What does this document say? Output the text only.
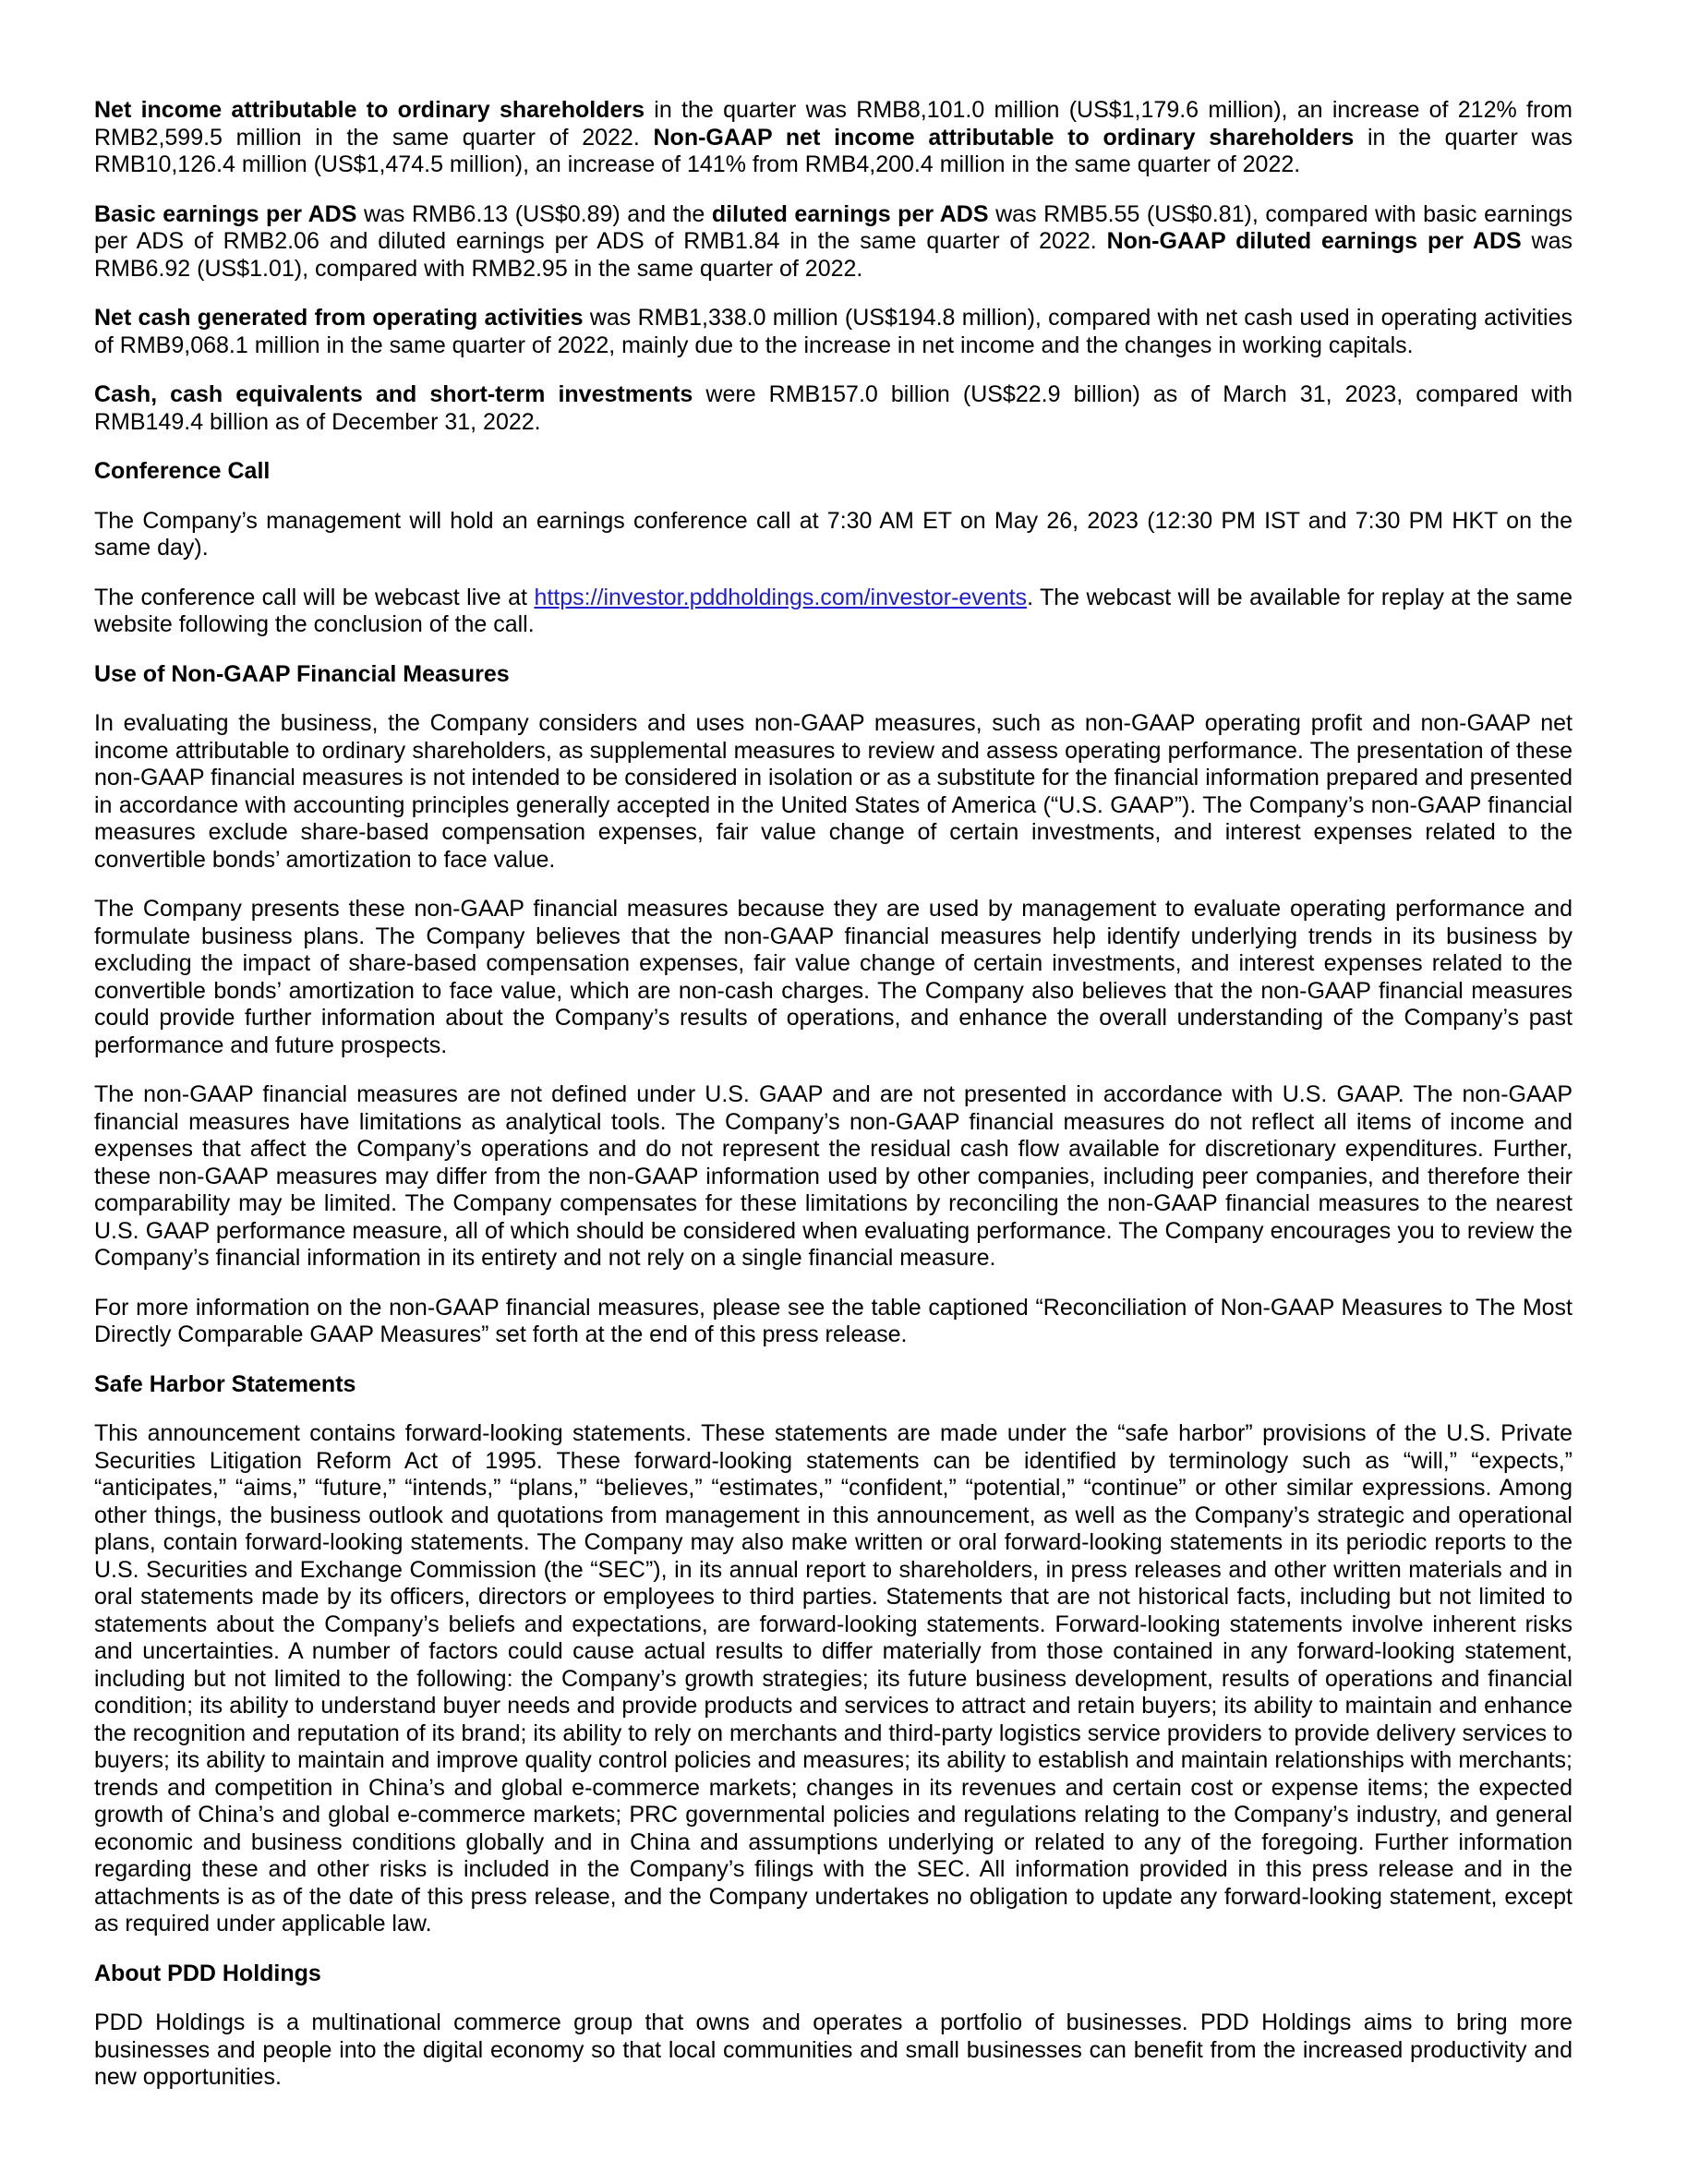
Net income attributable to ordinary shareholders in the quarter was RMB8,101.0 million (US$1,179.6 million), an increase of 212% from RMB2,599.5 million in the same quarter of 2022. Non-GAAP net income attributable to ordinary shareholders in the quarter was RMB10,126.4 million (US$1,474.5 million), an increase of 141% from RMB4,200.4 million in the same quarter of 2022.

Basic earnings per ADS was RMB6.13 (US$0.89) and the diluted earnings per ADS was RMB5.55 (US$0.81), compared with basic earnings per ADS of RMB2.06 and diluted earnings per ADS of RMB1.84 in the same quarter of 2022. Non-GAAP diluted earnings per ADS was RMB6.92 (US$1.01), compared with RMB2.95 in the same quarter of 2022.

Net cash generated from operating activities was RMB1,338.0 million (US$194.8 million), compared with net cash used in operating activities of RMB9,068.1 million in the same quarter of 2022, mainly due to the increase in net income and the changes in working capitals.

Cash, cash equivalents and short-term investments were RMB157.0 billion (US$22.9 billion) as of March 31, 2023, compared with RMB149.4 billion as of December 31, 2022.

Conference Call

The Company’s management will hold an earnings conference call at 7:30 AM ET on May 26, 2023 (12:30 PM IST and 7:30 PM HKT on the same day).

The conference call will be webcast live at https://investor.pddholdings.com/investor-events. The webcast will be available for replay at the same website following the conclusion of the call.

Use of Non-GAAP Financial Measures

In evaluating the business, the Company considers and uses non-GAAP measures, such as non-GAAP operating profit and non-GAAP net income attributable to ordinary shareholders, as supplemental measures to review and assess operating performance. The presentation of these non-GAAP financial measures is not intended to be considered in isolation or as a substitute for the financial information prepared and presented in accordance with accounting principles generally accepted in the United States of America (“U.S. GAAP”). The Company’s non-GAAP financial measures exclude share-based compensation expenses, fair value change of certain investments, and interest expenses related to the convertible bonds’ amortization to face value.

The Company presents these non-GAAP financial measures because they are used by management to evaluate operating performance and formulate business plans. The Company believes that the non-GAAP financial measures help identify underlying trends in its business by excluding the impact of share-based compensation expenses, fair value change of certain investments, and interest expenses related to the convertible bonds’ amortization to face value, which are non-cash charges. The Company also believes that the non-GAAP financial measures could provide further information about the Company’s results of operations, and enhance the overall understanding of the Company’s past performance and future prospects.

The non-GAAP financial measures are not defined under U.S. GAAP and are not presented in accordance with U.S. GAAP. The non-GAAP financial measures have limitations as analytical tools. The Company’s non-GAAP financial measures do not reflect all items of income and expenses that affect the Company’s operations and do not represent the residual cash flow available for discretionary expenditures. Further, these non-GAAP measures may differ from the non-GAAP information used by other companies, including peer companies, and therefore their comparability may be limited. The Company compensates for these limitations by reconciling the non-GAAP financial measures to the nearest U.S. GAAP performance measure, all of which should be considered when evaluating performance. The Company encourages you to review the Company’s financial information in its entirety and not rely on a single financial measure.

For more information on the non-GAAP financial measures, please see the table captioned “Reconciliation of Non-GAAP Measures to The Most Directly Comparable GAAP Measures” set forth at the end of this press release.

Safe Harbor Statements

This announcement contains forward-looking statements. These statements are made under the “safe harbor” provisions of the U.S. Private Securities Litigation Reform Act of 1995. These forward-looking statements can be identified by terminology such as “will,” “expects,” “anticipates,” “aims,” “future,” “intends,” “plans,” “believes,” “estimates,” “confident,” “potential,” “continue” or other similar expressions. Among other things, the business outlook and quotations from management in this announcement, as well as the Company’s strategic and operational plans, contain forward-looking statements. The Company may also make written or oral forward-looking statements in its periodic reports to the U.S. Securities and Exchange Commission (the “SEC”), in its annual report to shareholders, in press releases and other written materials and in oral statements made by its officers, directors or employees to third parties. Statements that are not historical facts, including but not limited to statements about the Company’s beliefs and expectations, are forward-looking statements. Forward-looking statements involve inherent risks and uncertainties. A number of factors could cause actual results to differ materially from those contained in any forward-looking statement, including but not limited to the following: the Company’s growth strategies; its future business development, results of operations and financial condition; its ability to understand buyer needs and provide products and services to attract and retain buyers; its ability to maintain and enhance the recognition and reputation of its brand; its ability to rely on merchants and third-party logistics service providers to provide delivery services to buyers; its ability to maintain and improve quality control policies and measures; its ability to establish and maintain relationships with merchants; trends and competition in China’s and global e-commerce markets; changes in its revenues and certain cost or expense items; the expected growth of China’s and global e-commerce markets; PRC governmental policies and regulations relating to the Company’s industry, and general economic and business conditions globally and in China and assumptions underlying or related to any of the foregoing. Further information regarding these and other risks is included in the Company’s filings with the SEC. All information provided in this press release and in the attachments is as of the date of this press release, and the Company undertakes no obligation to update any forward-looking statement, except as required under applicable law.

About PDD Holdings

PDD Holdings is a multinational commerce group that owns and operates a portfolio of businesses. PDD Holdings aims to bring more businesses and people into the digital economy so that local communities and small businesses can benefit from the increased productivity and new opportunities.
